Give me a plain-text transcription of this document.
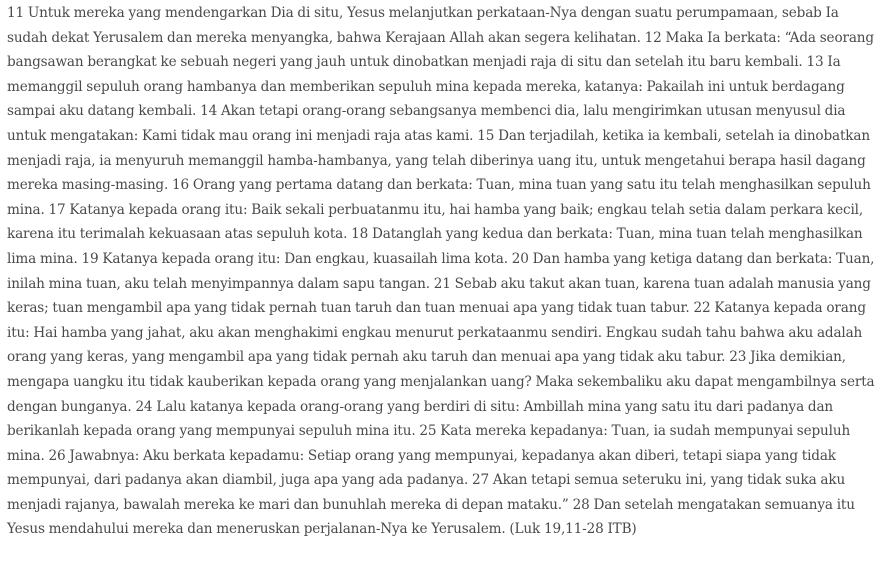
11 Untuk mereka yang mendengarkan Dia di situ, Yesus melanjutkan perkataan-Nya dengan suatu perumpamaan, sebab Ia sudah dekat Yerusalem dan mereka menyangka, bahwa Kerajaan Allah akan segera kelihatan. 12 Maka Ia berkata: “Ada seorang bangsawan berangkat ke sebuah negeri yang jauh untuk dinobatkan menjadi raja di situ dan setelah itu baru kembali. 13 Ia memanggil sepuluh orang hambanya dan memberikan sepuluh mina kepada mereka, katanya: Pakailah ini untuk berdagang sampai aku datang kembali. 14 Akan tetapi orang-orang sebangsanya membenci dia, lalu mengirimkan utusan menyusul dia untuk mengatakan: Kami tidak mau orang ini menjadi raja atas kami. 15 Dan terjadilah, ketika ia kembali, setelah ia dinobatkan menjadi raja, ia menyuruh memanggil hamba-hambanya, yang telah diberinya uang itu, untuk mengetahui berapa hasil dagang mereka masing-masing. 16 Orang yang pertama datang dan berkata: Tuan, mina tuan yang satu itu telah menghasilkan sepuluh mina. 17 Katanya kepada orang itu: Baik sekali perbuatanmu itu, hai hamba yang baik; engkau telah setia dalam perkara kecil, karena itu terimalah kekuasaan atas sepuluh kota. 18 Datanglah yang kedua dan berkata: Tuan, mina tuan telah menghasilkan lima mina. 19 Katanya kepada orang itu: Dan engkau, kuasailah lima kota. 20 Dan hamba yang ketiga datang dan berkata: Tuan, inilah mina tuan, aku telah menyimpannya dalam sapu tangan. 21 Sebab aku takut akan tuan, karena tuan adalah manusia yang keras; tuan mengambil apa yang tidak pernah tuan taruh dan tuan menuai apa yang tidak tuan tabur. 22 Katanya kepada orang itu: Hai hamba yang jahat, aku akan menghakimi engkau menurut perkataanmu sendiri. Engkau sudah tahu bahwa aku adalah orang yang keras, yang mengambil apa yang tidak pernah aku taruh dan menuai apa yang tidak aku tabur. 23 Jika demikian, mengapa uangku itu tidak kauberikan kepada orang yang menjalankan uang? Maka sekembaliku aku dapat mengambilnya serta dengan bunganya. 24 Lalu katanya kepada orang-orang yang berdiri di situ: Ambillah mina yang satu itu dari padanya dan berikanlah kepada orang yang mempunyai sepuluh mina itu. 25 Kata mereka kepadanya: Tuan, ia sudah mempunyai sepuluh mina. 26 Jawabnya: Aku berkata kepadamu: Setiap orang yang mempunyai, kepadanya akan diberi, tetapi siapa yang tidak mempunyai, dari padanya akan diambil, juga apa yang ada padanya. 27 Akan tetapi semua seteruku ini, yang tidak suka aku menjadi rajanya, bawalah mereka ke mari dan bunuhlah mereka di depan mataku.” 28 Dan setelah mengatakan semuanya itu Yesus mendahului mereka dan meneruskan perjalanan-Nya ke Yerusalem. (Luk 19,11-28 ITB)
